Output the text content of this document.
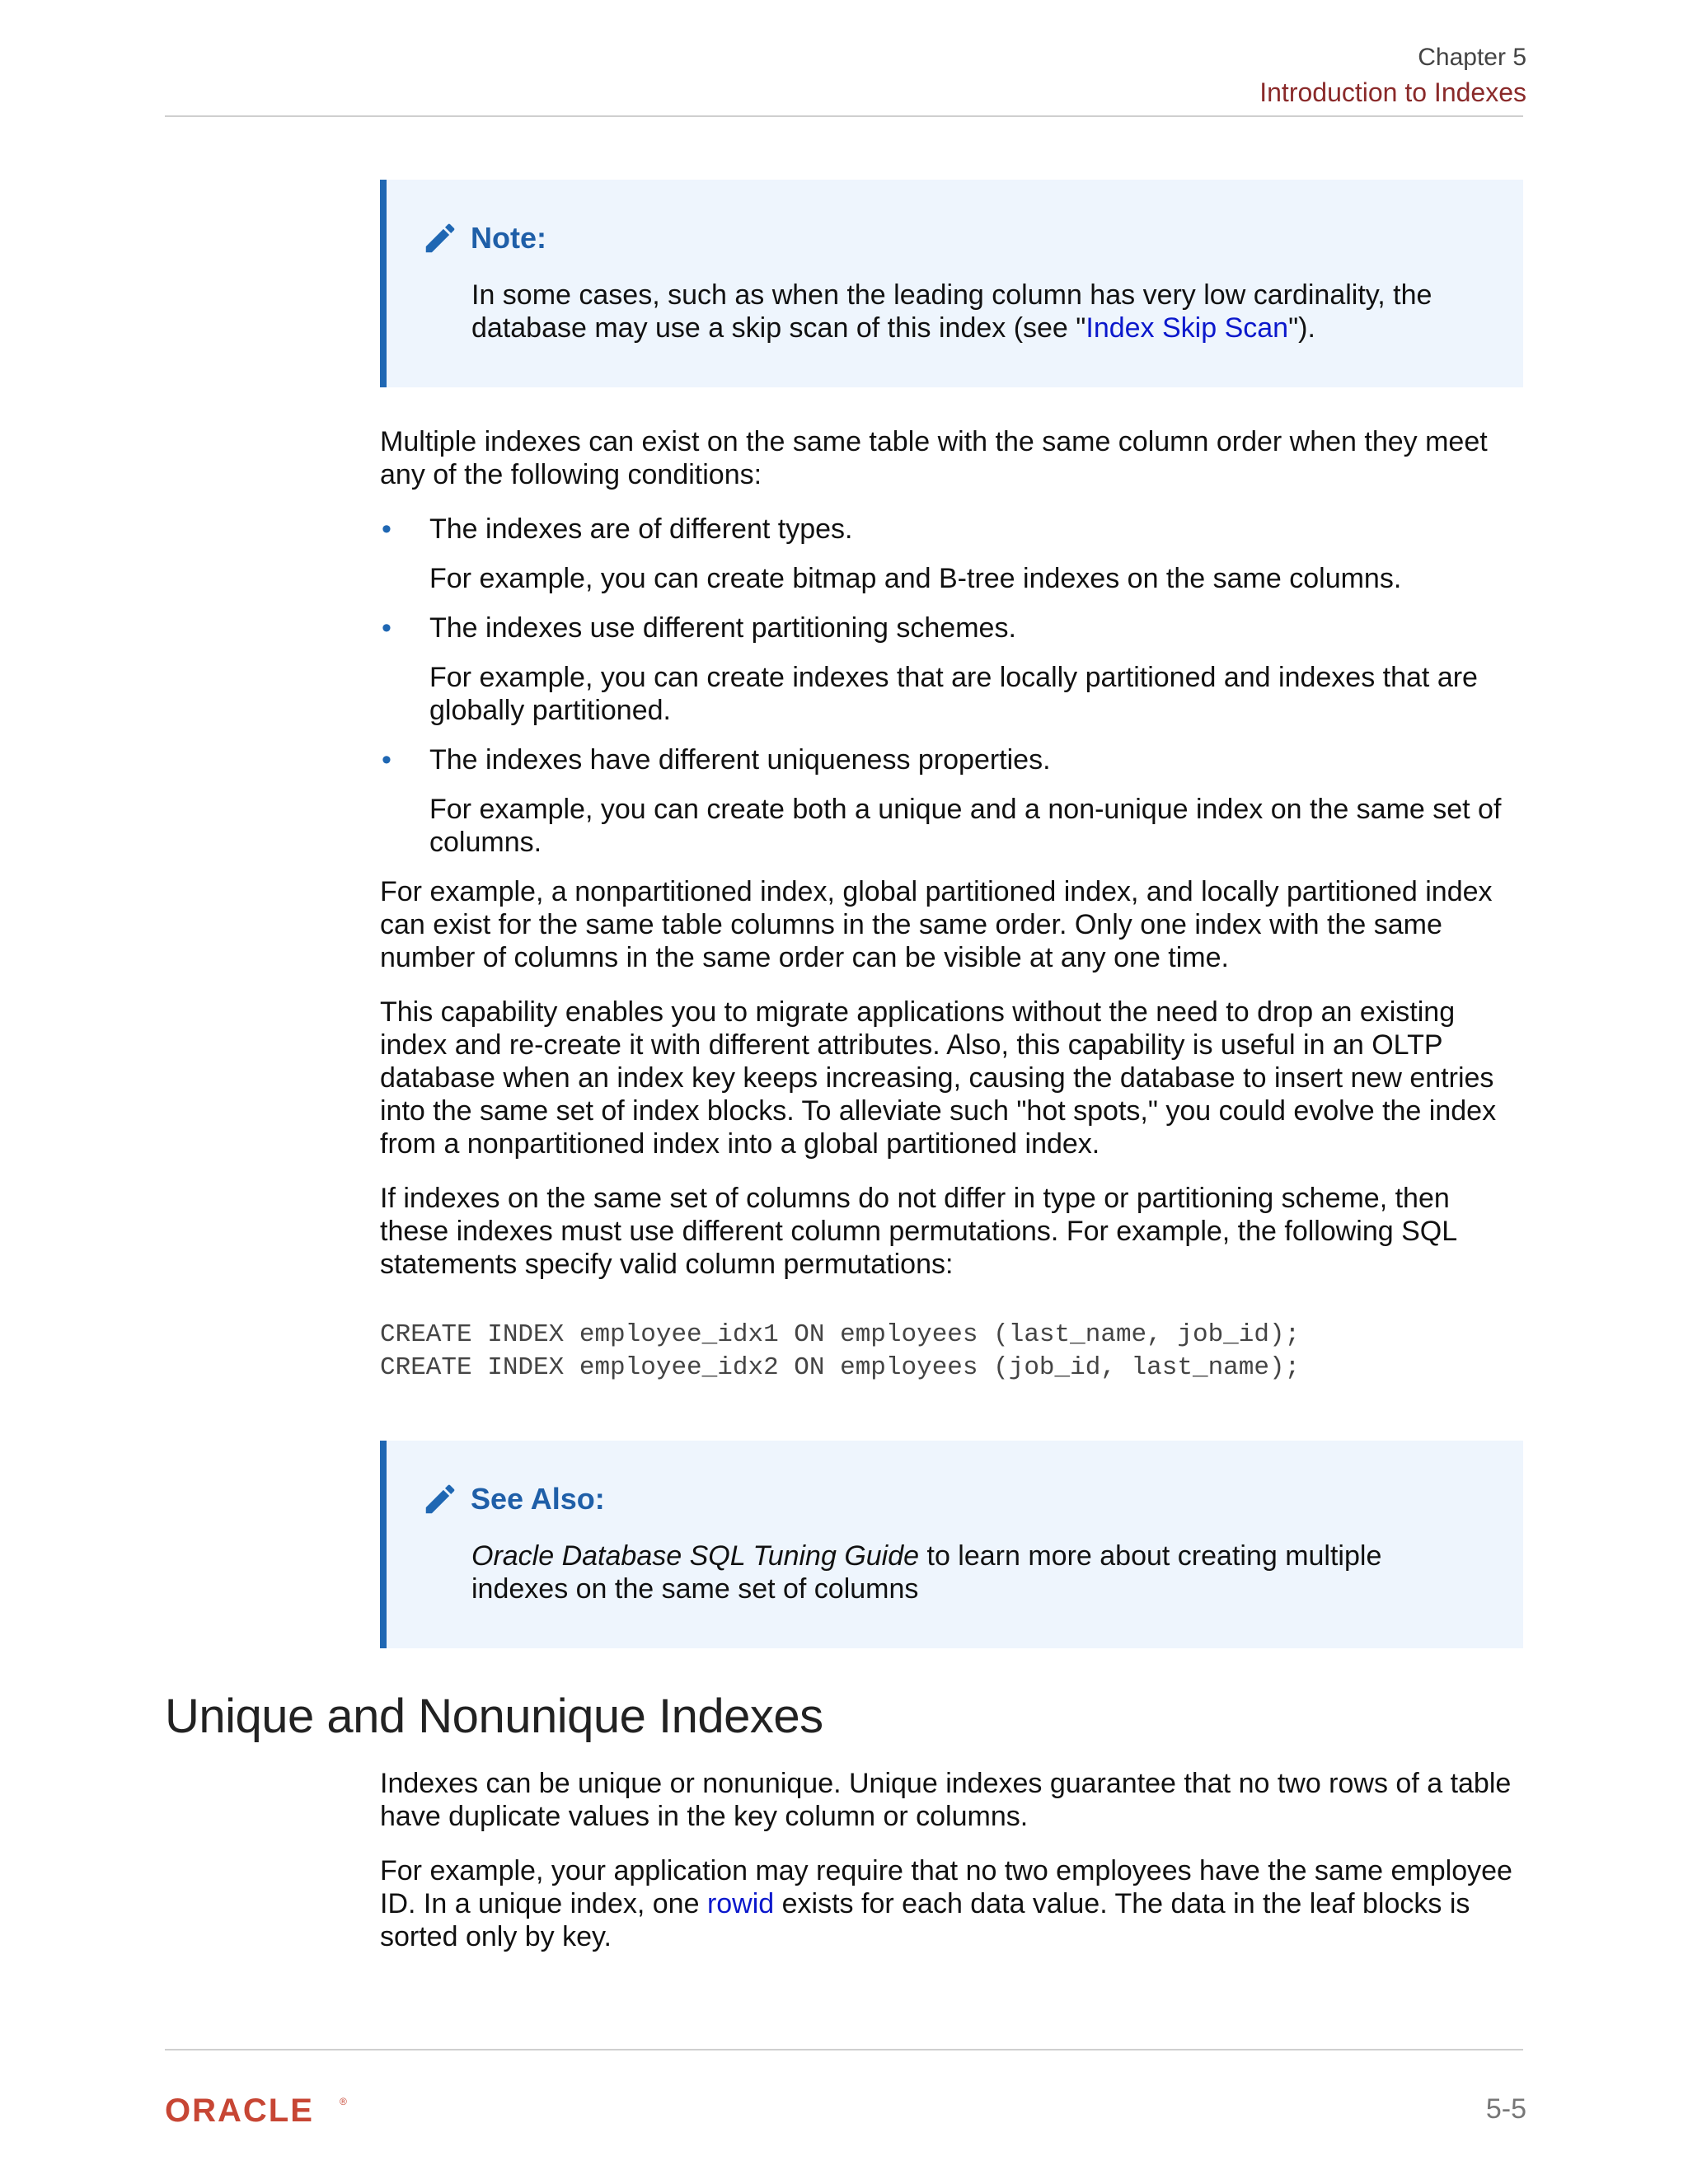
Chapter 5
Introduction to Indexes
Note:
In some cases, such as when the leading column has very low cardinality, the database may use a skip scan of this index (see "Index Skip Scan").

Multiple indexes can exist on the same table with the same column order when they meet any of the following conditions:

• The indexes are of different types.

For example, you can create bitmap and B-tree indexes on the same columns.

• The indexes use different partitioning schemes.

For example, you can create indexes that are locally partitioned and indexes that are globally partitioned.

• The indexes have different uniqueness properties.

For example, you can create both a unique and a non-unique index on the same set of columns.

For example, a nonpartitioned index, global partitioned index, and locally partitioned index can exist for the same table columns in the same order. Only one index with the same number of columns in the same order can be visible at any one time.

This capability enables you to migrate applications without the need to drop an existing index and re-create it with different attributes. Also, this capability is useful in an OLTP database when an index key keeps increasing, causing the database to insert new entries into the same set of index blocks. To alleviate such "hot spots," you could evolve the index from a nonpartitioned index into a global partitioned index.

If indexes on the same set of columns do not differ in type or partitioning scheme, then these indexes must use different column permutations. For example, the following SQL statements specify valid column permutations:

CREATE INDEX employee_idx1 ON employees (last_name, job_id);
CREATE INDEX employee_idx2 ON employees (job_id, last_name);
See Also:
Oracle Database SQL Tuning Guide to learn more about creating multiple indexes on the same set of columns
Unique and Nonunique Indexes

Indexes can be unique or nonunique. Unique indexes guarantee that no two rows of a table have duplicate values in the key column or columns.

For example, your application may require that no two employees have the same employee ID. In a unique index, one rowid exists for each data value. The data in the leaf blocks is sorted only by key.

ORACLE	®	5-5
